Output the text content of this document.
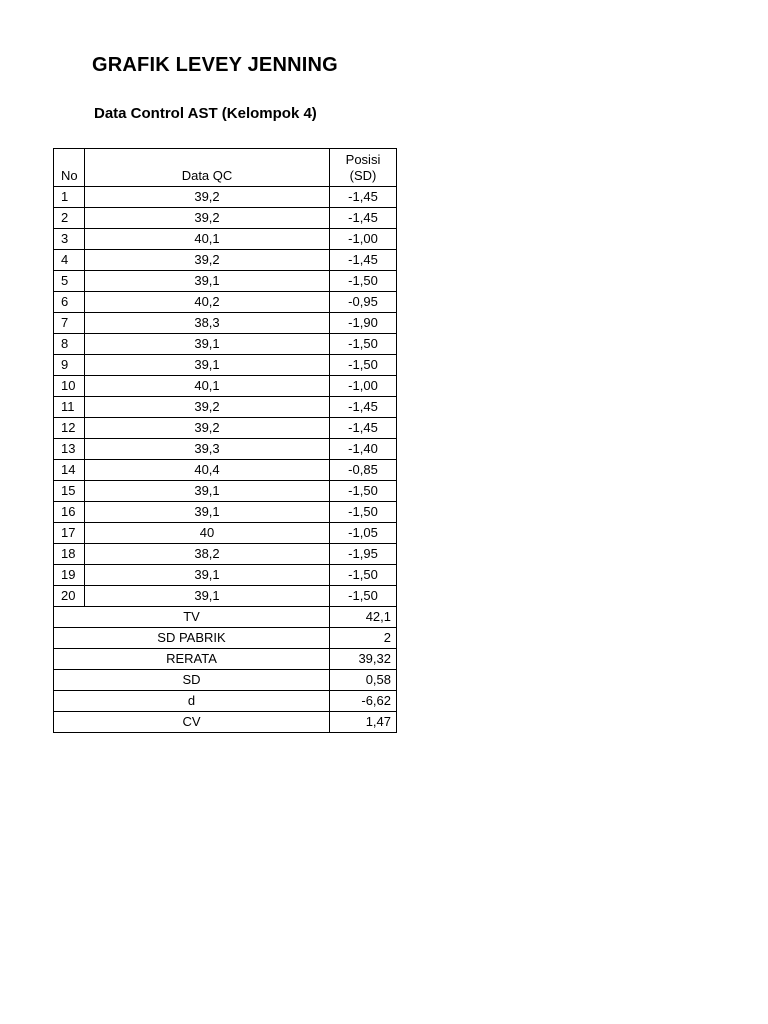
GRAFIK LEVEY JENNING
Data Control AST (Kelompok 4)
No	Data QC	Posisi
(SD)

1	39,2	-1,45
2	39,2	-1,45
3	40,1	-1,00
4	39,2	-1,45
5	39,1	-1,50
6	40,2	-0,95
7	38,3	-1,90
8	39,1	-1,50
9	39,1	-1,50
10	40,1	-1,00
11	39,2	-1,45
12	39,2	-1,45
13	39,3	-1,40
14	40,4	-0,85
15	39,1	-1,50
16	39,1	-1,50
17	40	-1,05
18	38,2	-1,95
19	39,1	-1,50
20	39,1	-1,50
TV		42,1
SD PABRIK		2
RERATA		39,32
SD		0,58
d		-6,62
CV		1,47
